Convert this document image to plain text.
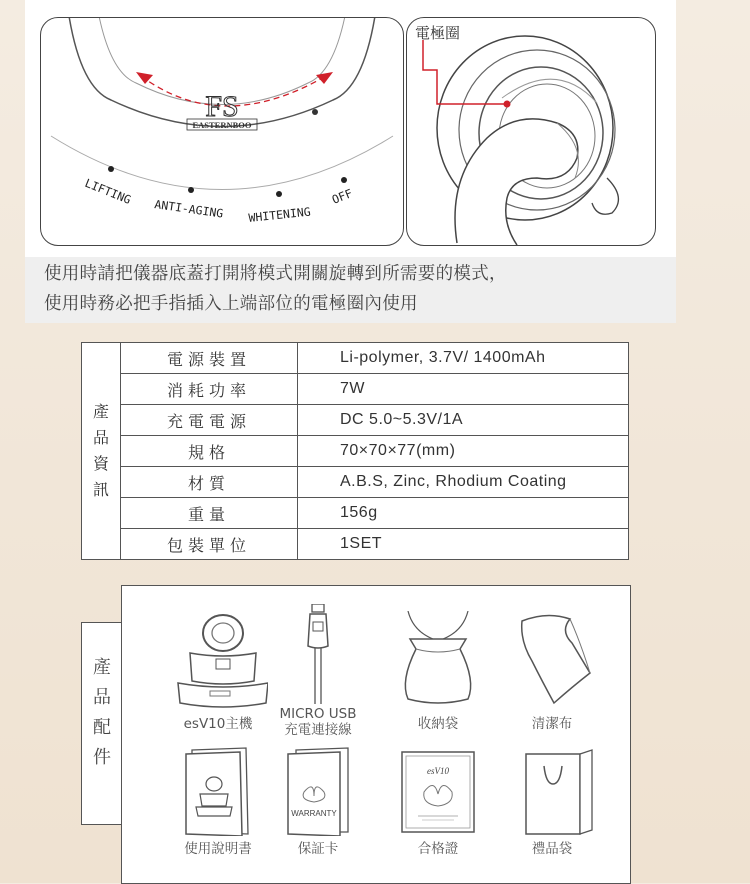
FS
EASTERNBOO
LIFTING
ANTI-AGING WHITENING
OFF
電極圈

使用時請把儀器底蓋打開將模式開關旋轉到所需要的模式，

使用時務必把手指插入上端部位的電極圈內使用

產
品
資
訊	電源裝置	Li-polymer, 3.7V/ 1400mAh
	消耗功率	7W
	充電電源	DC 5.0~5.3V/1A
	規格	70×70×77(mm)
	材質	A.B.S, Zinc, Rhodium Coating
	重量	156g
	包裝單位	1SET
產
品
配
件
esV10主機
MICRO USB
充電連接線	收納袋	清潔布
使用說明書
WARRANTY
保証卡
esV10
合格證	禮品袋
